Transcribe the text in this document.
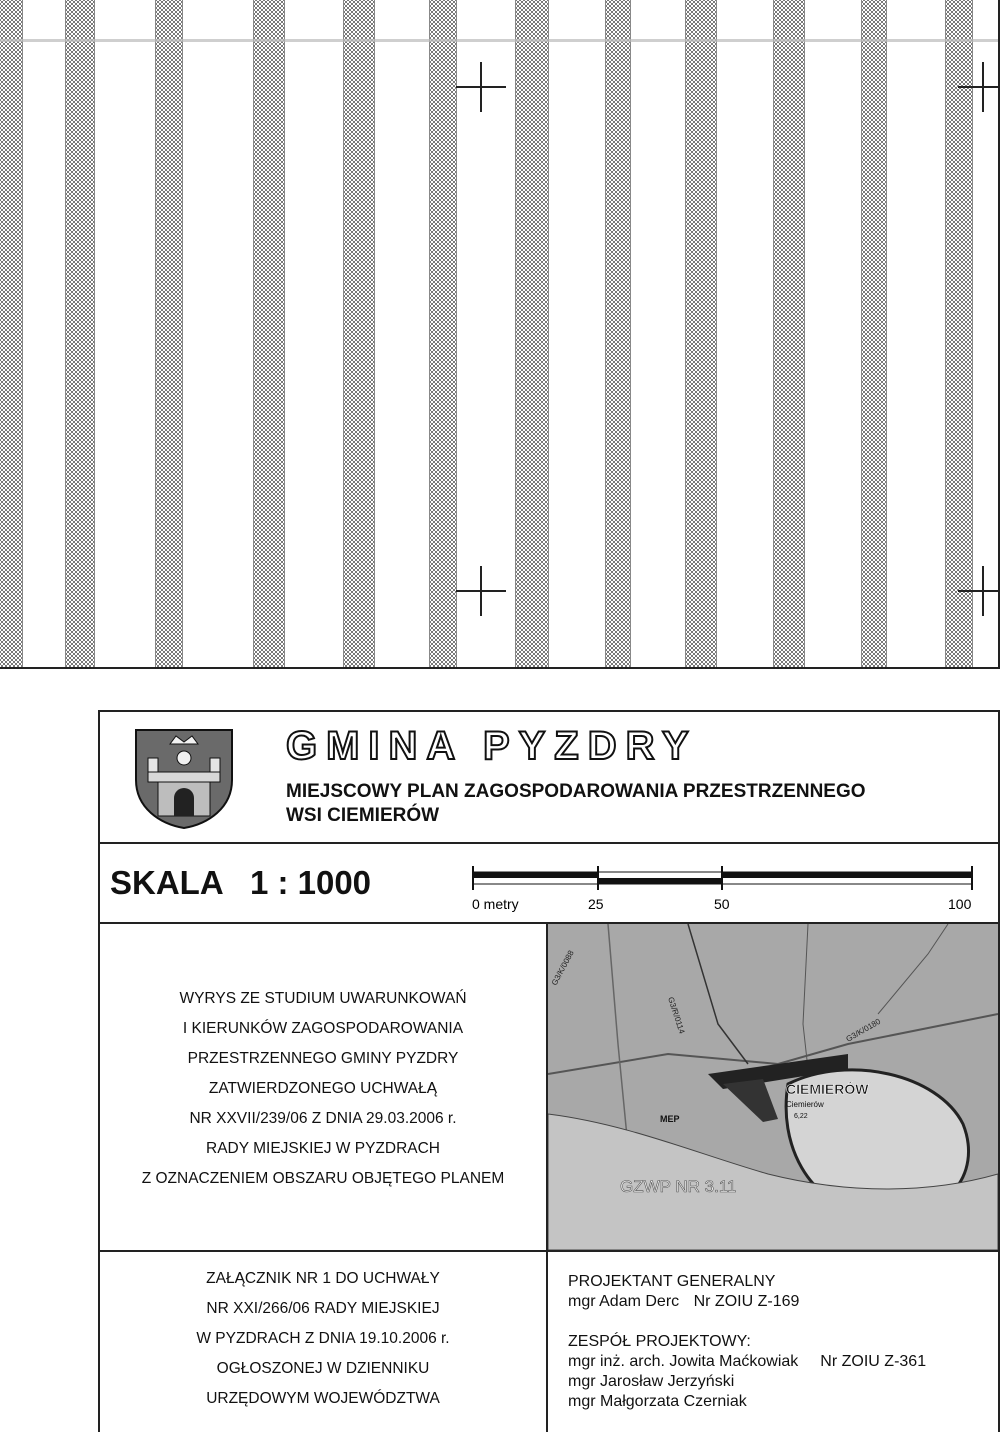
GMINA PYZDRY
MIEJSCOWY PLAN ZAGOSPODAROWANIA PRZESTRZENNEGO
WSI CIEMIERÓW
SKALA   1 : 1000
0 metry	25	50	100
WYRYS ZE STUDIUM UWARUNKOWAŃ
I KIERUNKÓW ZAGOSPODAROWANIA
PRZESTRZENNEGO GMINY PYZDRY
ZATWIERDZONEGO UCHWAŁĄ
NR XXVII/239/06 Z DNIA 29.03.2006 r.
RADY MIEJSKIEJ W PYZDRACH
Z OZNACZENIEM OBSZARU OBJĘTEGO PLANEM
CIEMIERÓW
Ciemierów
6,22
MEP
GZWP NR 3.11
G3/K/0088
G3/R/0114	G3/K/0180
ZAŁĄCZNIK NR 1 DO UCHWAŁY
NR XXI/266/06 RADY MIEJSKIEJ
W PYZDRACH Z DNIA 19.10.2006 r.
OGŁOSZONEJ W DZIENNIKU
URZĘDOWYM WOJEWÓDZTWA
PROJEKTANT GENERALNY
mgr Adam Derc Nr ZOIU Z-169
ZESPÓŁ PROJEKTOWY:
mgr inż. arch. Jowita Maćkowiak Nr ZOIU Z-361
mgr Jarosław Jerzyński
mgr Małgorzata Czerniak
